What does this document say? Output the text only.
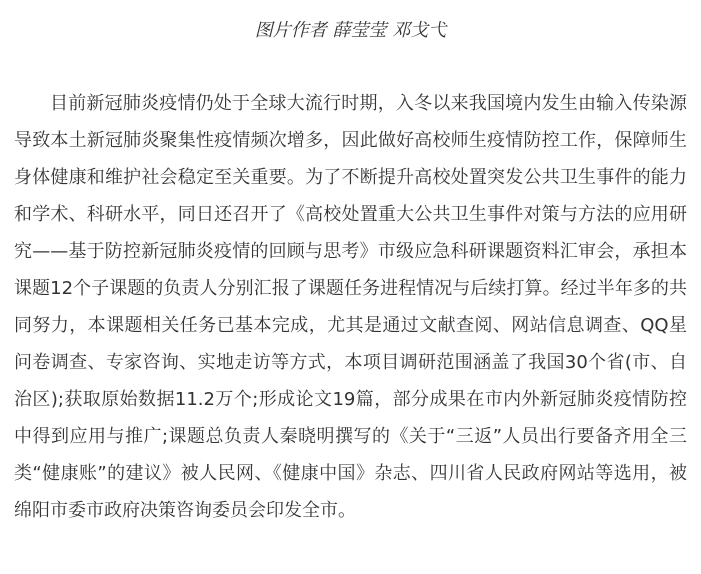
图片作者 薛莹莹 邓戈弋

目前新冠肺炎疫情仍处于全球大流行时期，入冬以来我国境内发生由输入传染源导致本土新冠肺炎聚集性疫情频次增多，因此做好高校师生疫情防控工作，保障师生身体健康和维护社会稳定至关重要。为了不断提升高校处置突发公共卫生事件的能力和学术、科研水平，同日还召开了《高校处置重大公共卫生事件对策与方法的应用研究——基于防控新冠肺炎疫情的回顾与思考》市级应急科研课题资料汇审会，承担本课题12个子课题的负责人分别汇报了课题任务进程情况与后续打算。经过半年多的共同努力，本课题相关任务已基本完成，尤其是通过文献查阅、网站信息调查、QQ星问卷调查、专家咨询、实地走访等方式，本项目调研范围涵盖了我国30个省(市、自治区);获取原始数据11.2万个;形成论文19篇，部分成果在市内外新冠肺炎疫情防控中得到应用与推广;课题总负责人秦晓明撰写的《关于“三返”人员出行要备齐用全三类“健康账”的建议》被人民网、《健康中国》杂志、四川省人民政府网站等选用，被绵阳市委市政府决策咨询委员会印发全市。
